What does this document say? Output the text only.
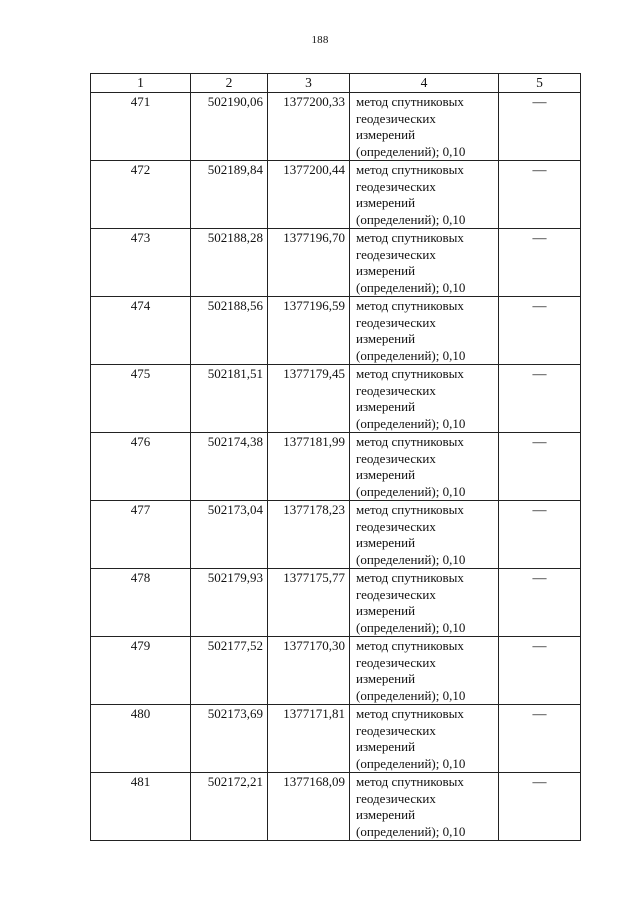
188
1	2	3	4	5
471	502190,06	1377200,33	метод спутниковых
геодезических
измерений
(определений); 0,10	—
472	502189,84	1377200,44	метод спутниковых
геодезических
измерений
(определений); 0,10	—
473	502188,28	1377196,70	метод спутниковых
геодезических
измерений
(определений); 0,10	—
474	502188,56	1377196,59	метод спутниковых
геодезических
измерений
(определений); 0,10	—
475	502181,51	1377179,45	метод спутниковых
геодезических
измерений
(определений); 0,10	—
476	502174,38	1377181,99	метод спутниковых
геодезических
измерений
(определений); 0,10	—
477	502173,04	1377178,23	метод спутниковых
геодезических
измерений
(определений); 0,10	—
478	502179,93	1377175,77	метод спутниковых
геодезических
измерений
(определений); 0,10	—
479	502177,52	1377170,30	метод спутниковых
геодезических
измерений
(определений); 0,10	—
480	502173,69	1377171,81	метод спутниковых
геодезических
измерений
(определений); 0,10	—
481	502172,21	1377168,09	метод спутниковых
геодезических
измерений
(определений); 0,10	—
